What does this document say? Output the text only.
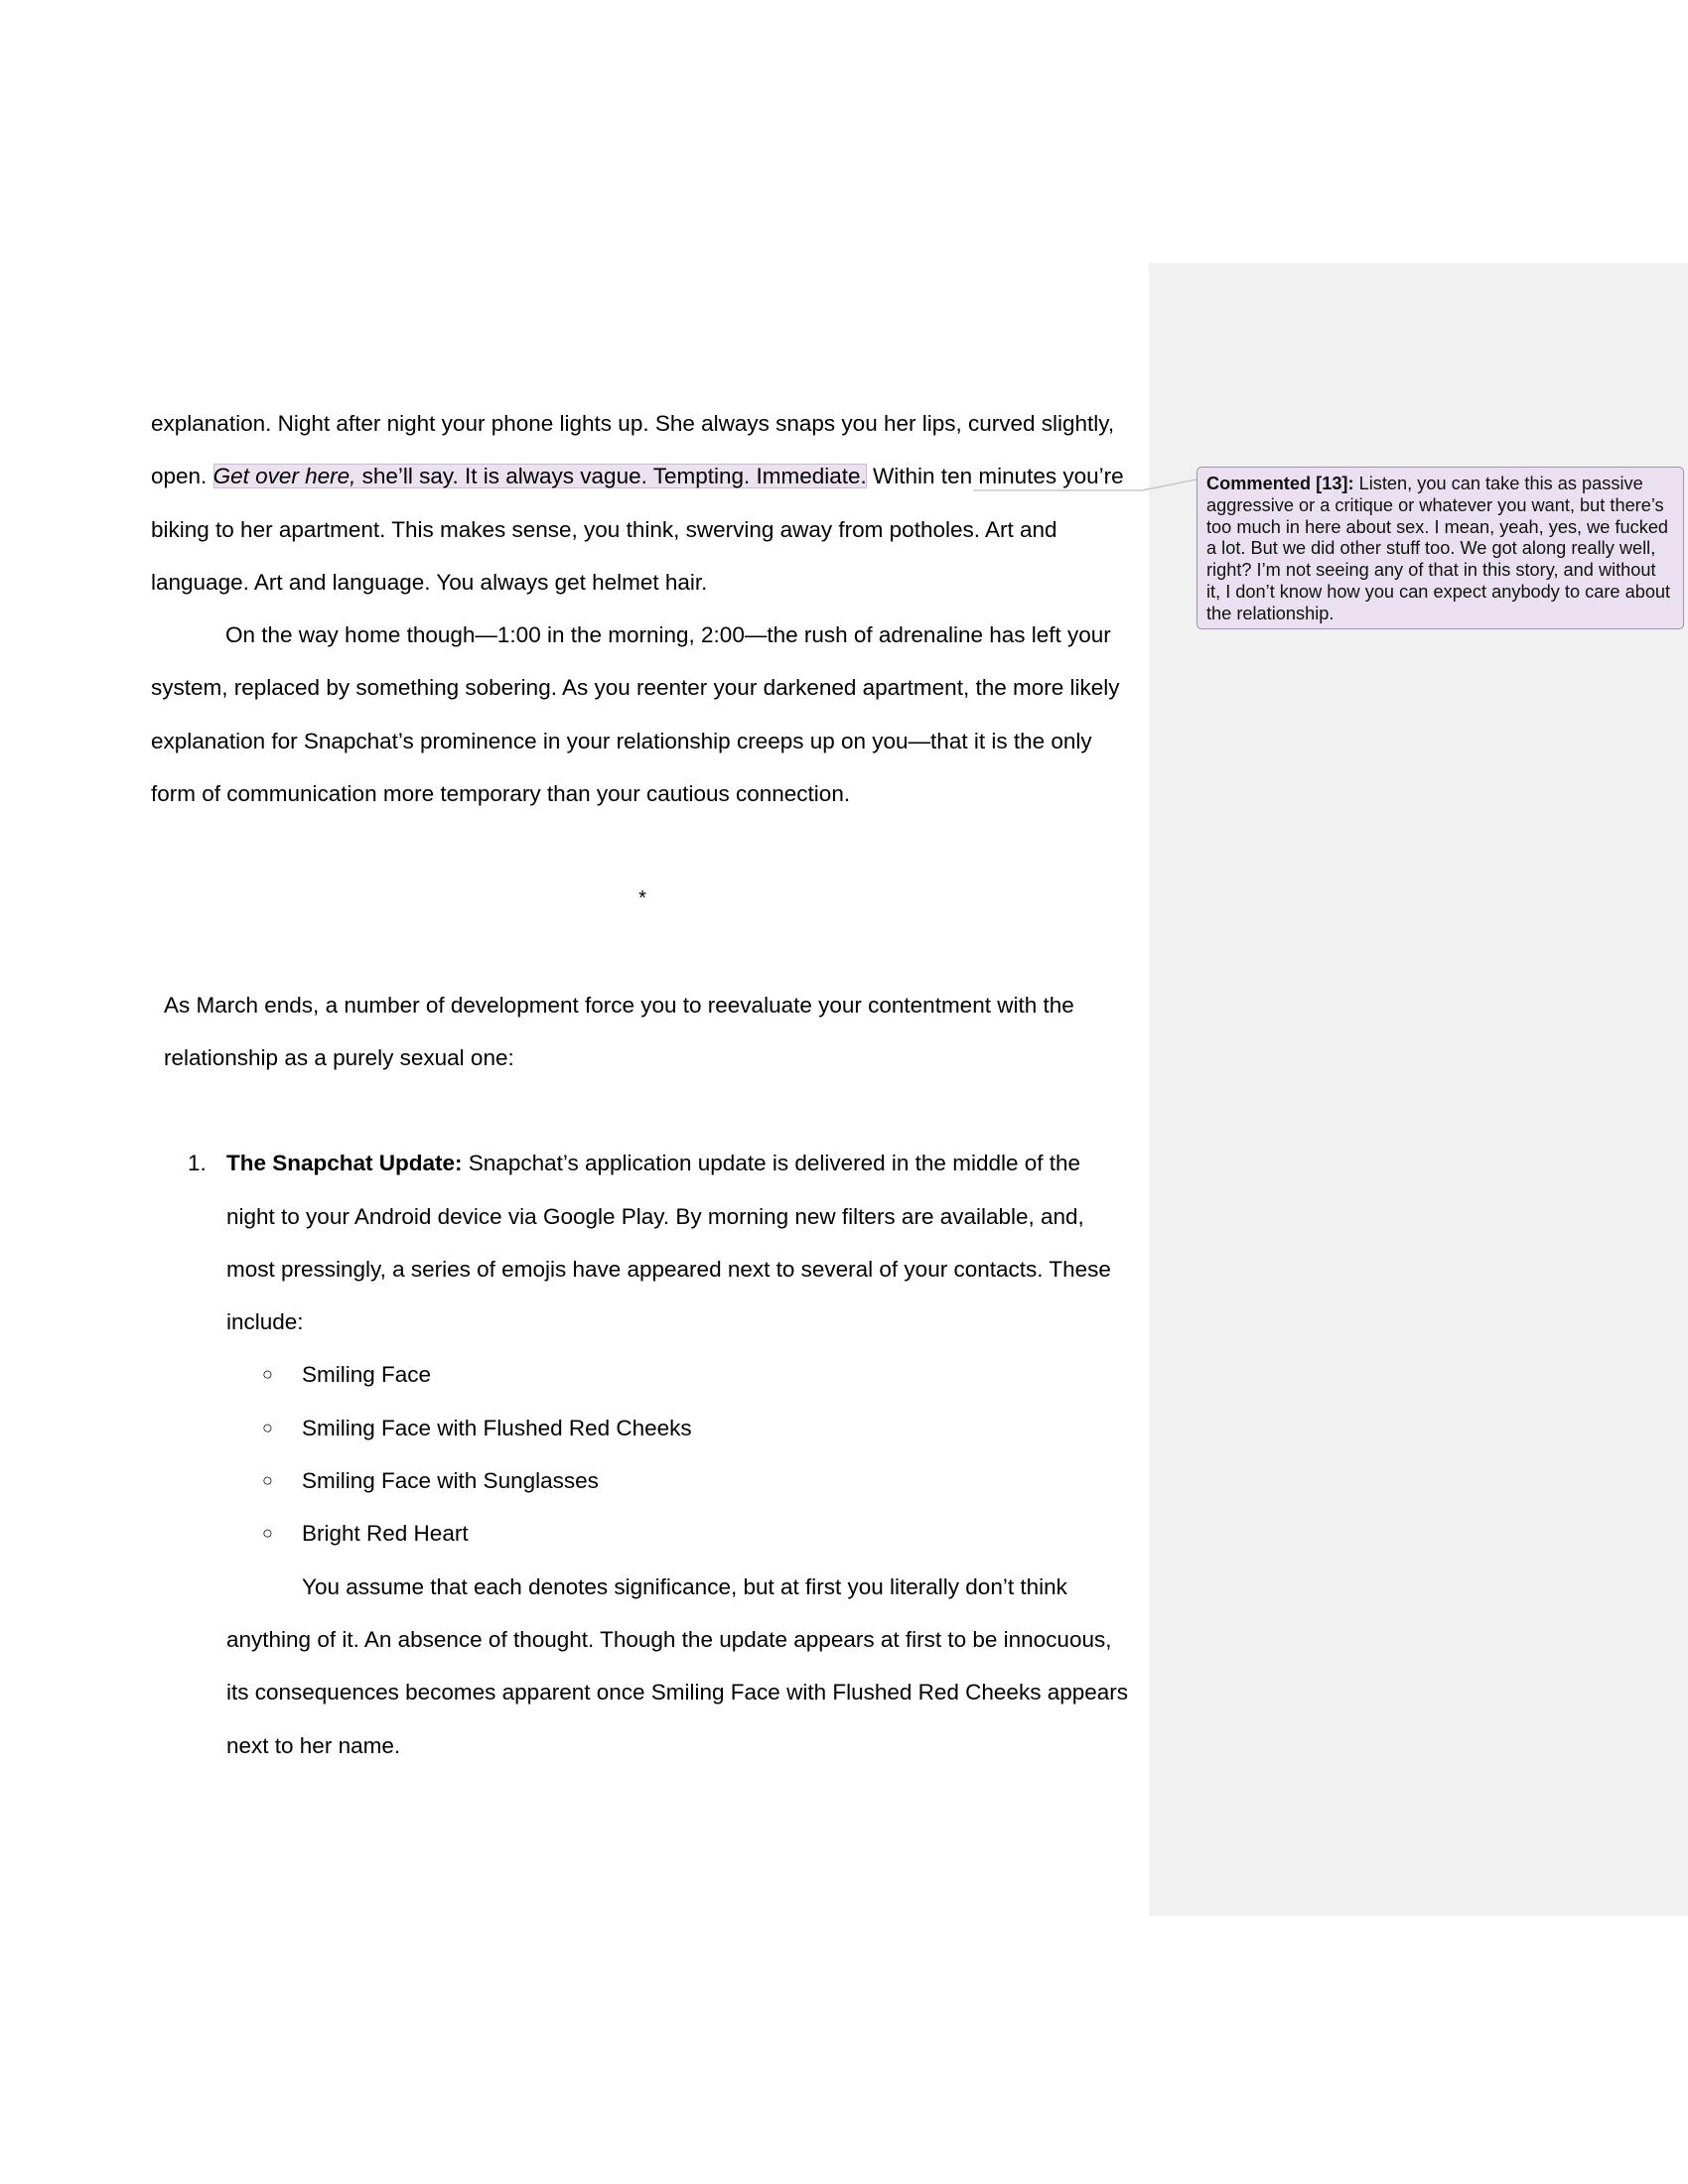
explanation. Night after night your phone lights up. She always snaps you her lips, curved slightly, open. Get over here, she’ll say. It is always vague. Tempting. Immediate. Within ten minutes you’re biking to her apartment. This makes sense, you think, swerving away from potholes. Art and language. Art and language. You always get helmet hair.

On the way home though—1:00 in the morning, 2:00—the rush of adrenaline has left your system, replaced by something sobering. As you reenter your darkened apartment, the more likely explanation for Snapchat’s prominence in your relationship creeps up on you—that it is the only form of communication more temporary than your cautious connection.

*

As March ends, a number of development force you to reevaluate your contentment with the relationship as a purely sexual one:

1. The Snapchat Update: Snapchat’s application update is delivered in the middle of the night to your Android device via Google Play. By morning new filters are available, and, most pressingly, a series of emojis have appeared next to several of your contacts. These include:

○ Smiling Face
○ Smiling Face with Flushed Red Cheeks
○ Smiling Face with Sunglasses
○ Bright Red Heart

You assume that each denotes significance, but at first you literally don’t think anything of it. An absence of thought. Though the update appears at first to be innocuous, its consequences becomes apparent once Smiling Face with Flushed Red Cheeks appears next to her name.

Commented [13]: Listen, you can take this as passive aggressive or a critique or whatever you want, but there’s too much in here about sex. I mean, yeah, yes, we fucked a lot. But we did other stuff too. We got along really well, right? I’m not seeing any of that in this story, and without it, I don’t know how you can expect anybody to care about the relationship.
